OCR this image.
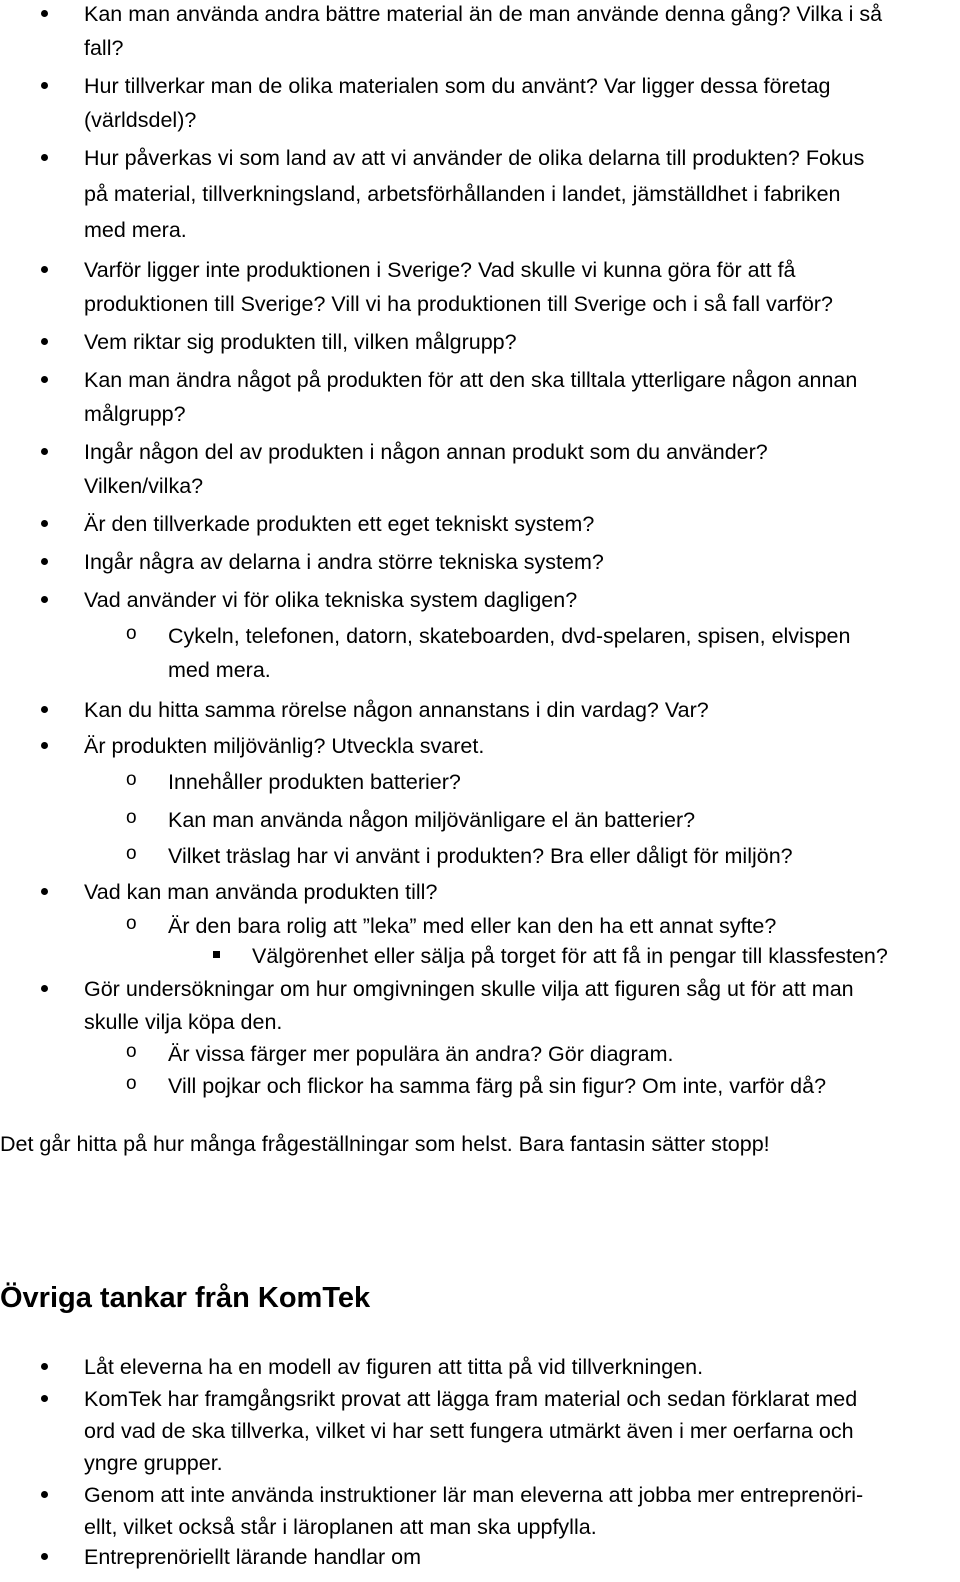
Kan man använda andra bättre material än de man använde denna gång? Vilka i så
fall?
Hur tillverkar man de olika materialen som du använt? Var ligger dessa företag
(världsdel)?
Hur påverkas vi som land av att vi använder de olika delarna till produkten? Fokus
på material, tillverkningsland, arbetsförhållanden i landet, jämställdhet i fabriken
med mera.
Varför ligger inte produktionen i Sverige? Vad skulle vi kunna göra för att få
produktionen till Sverige? Vill vi ha produktionen till Sverige och i så fall varför?
Vem riktar sig produkten till, vilken målgrupp?
Kan man ändra något på produkten för att den ska tilltala ytterligare någon annan
målgrupp?
Ingår någon del av produkten i någon annan produkt som du använder?
Vilken/vilka?
Är den tillverkade produkten ett eget tekniskt system?
Ingår några av delarna i andra större tekniska system?
Vad använder vi för olika tekniska system dagligen?
o Cykeln, telefonen, datorn, skateboarden, dvd-spelaren, spisen, elvispen
med mera.
Kan du hitta samma rörelse någon annanstans i din vardag? Var?
Är produkten miljövänlig? Utveckla svaret.
o Innehåller produkten batterier?
o Kan man använda någon miljövänligare el än batterier?
o Vilket träslag har vi använt i produkten? Bra eller dåligt för miljön?
Vad kan man använda produkten till?
o Är den bara rolig att ”leka” med eller kan den ha ett annat syfte?
Välgörenhet eller sälja på torget för att få in pengar till klassfesten?
Gör undersökningar om hur omgivningen skulle vilja att figuren såg ut för att man
skulle vilja köpa den.
o Är vissa färger mer populära än andra? Gör diagram.
o Vill pojkar och flickor ha samma färg på sin figur? Om inte, varför då?
Det går hitta på hur många frågeställningar som helst. Bara fantasin sätter stopp!
Övriga tankar från KomTek
Låt eleverna ha en modell av figuren att titta på vid tillverkningen.
KomTek har framgångsrikt provat att lägga fram material och sedan förklarat med
ord vad de ska tillverka, vilket vi har sett fungera utmärkt även i mer oerfarna och
yngre grupper.
Genom att inte använda instruktioner lär man eleverna att jobba mer entreprenöri-
ellt, vilket också står i läroplanen att man ska uppfylla.
Entreprenöriellt lärande handlar om
